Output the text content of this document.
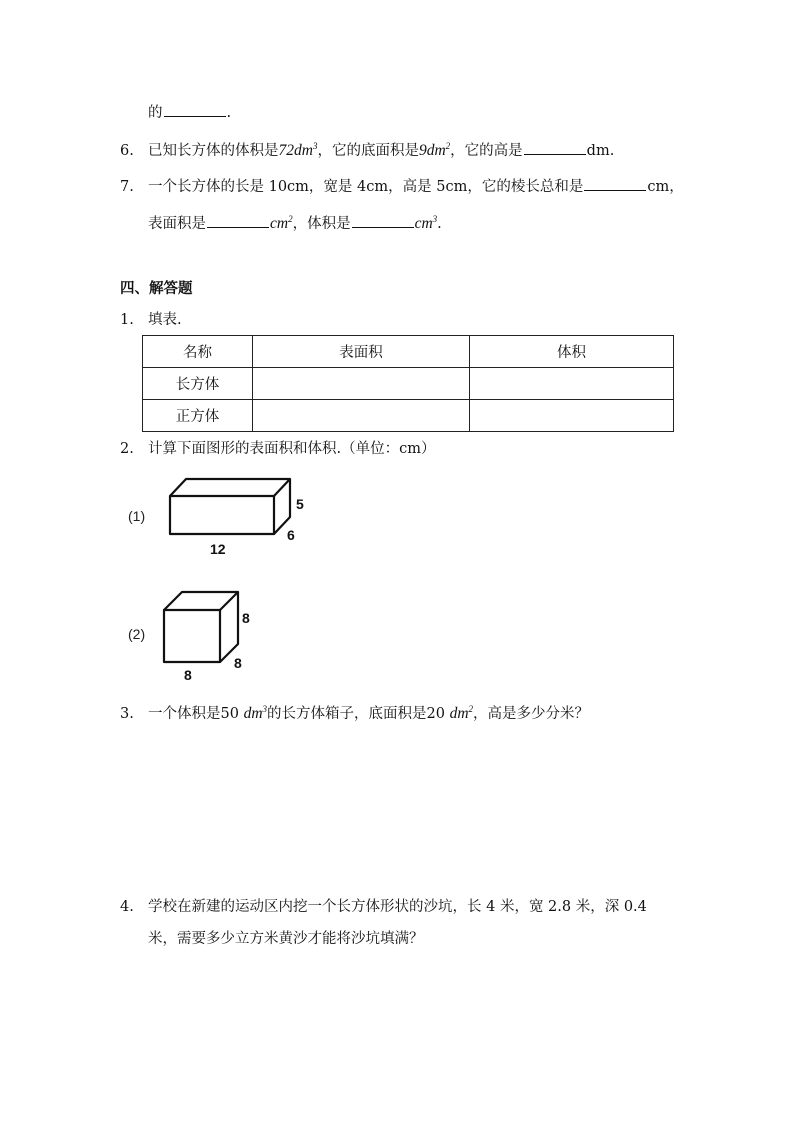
的	.
6. 已知长方体的体积是$72dm^3$，它的底面积是$9dm^2$，它的高是	dm.
7. 一个长方体的长是 10cm，宽是 4cm，高是 5cm，它的棱长总和是	cm，
表面积是	$cm^2$，体积是	$cm^3$.
四、解答题
1. 填表.
名称	表面积	体积
长方体		
正方体		
2. 计算下面图形的表面积和体积.（单位：cm）
(1)
5
6
12
(2)
8
8
8
3. 一个体积是50 $dm^3$的长方体箱子，底面积是20 $dm^2$，高是多少分米？
4. 学校在新建的运动区内挖一个长方体形状的沙坑，长 4 米，宽 2.8 米，深 0.4
米，需要多少立方米黄沙才能将沙坑填满？
